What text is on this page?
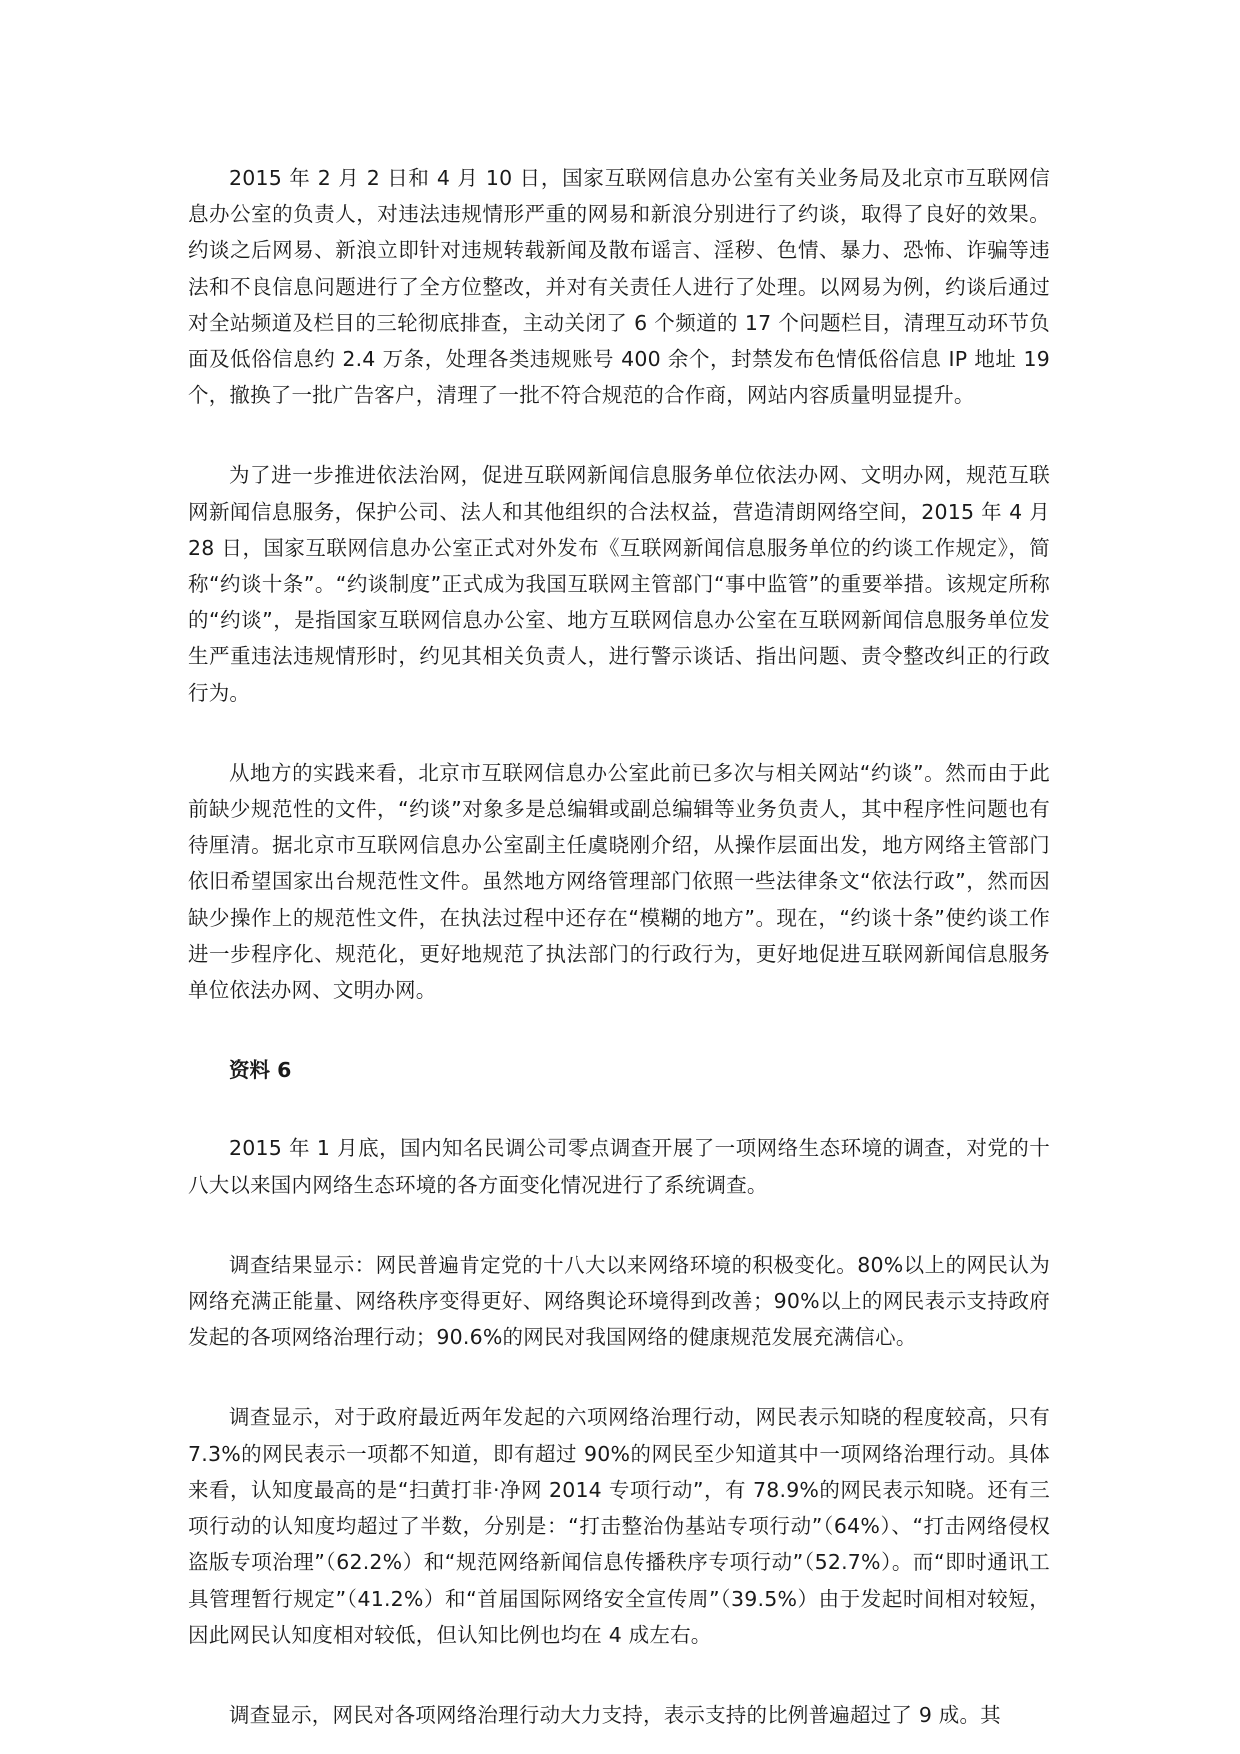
2015 年 2 月 2 日和 4 月 10 日，国家互联网信息办公室有关业务局及北京市互联网信息办公室的负责人，对违法违规情形严重的网易和新浪分别进行了约谈，取得了良好的效果。约谈之后网易、新浪立即针对违规转载新闻及散布谣言、淫秽、色情、暴力、恐怖、诈骗等违法和不良信息问题进行了全方位整改，并对有关责任人进行了处理。以网易为例，约谈后通过对全站频道及栏目的三轮彻底排查，主动关闭了 6 个频道的 17 个问题栏目，清理互动环节负面及低俗信息约 2.4 万条，处理各类违规账号 400 余个，封禁发布色情低俗信息 IP 地址 19 个，撤换了一批广告客户，清理了一批不符合规范的合作商，网站内容质量明显提升。

为了进一步推进依法治网，促进互联网新闻信息服务单位依法办网、文明办网，规范互联网新闻信息服务，保护公司、法人和其他组织的合法权益，营造清朗网络空间，2015 年 4 月 28 日，国家互联网信息办公室正式对外发布《互联网新闻信息服务单位的约谈工作规定》，简称“约谈十条”。“约谈制度”正式成为我国互联网主管部门“事中监管”的重要举措。该规定所称的“约谈”，是指国家互联网信息办公室、地方互联网信息办公室在互联网新闻信息服务单位发生严重违法违规情形时，约见其相关负责人，进行警示谈话、指出问题、责令整改纠正的行政行为。

从地方的实践来看，北京市互联网信息办公室此前已多次与相关网站“约谈”。然而由于此前缺少规范性的文件，“约谈”对象多是总编辑或副总编辑等业务负责人，其中程序性问题也有待厘清。据北京市互联网信息办公室副主任虞晓刚介绍，从操作层面出发，地方网络主管部门依旧希望国家出台规范性文件。虽然地方网络管理部门依照一些法律条文“依法行政”，然而因缺少操作上的规范性文件，在执法过程中还存在“模糊的地方”。现在，“约谈十条”使约谈工作进一步程序化、规范化，更好地规范了执法部门的行政行为，更好地促进互联网新闻信息服务单位依法办网、文明办网。

资料 6

2015 年 1 月底，国内知名民调公司零点调查开展了一项网络生态环境的调查，对党的十八大以来国内网络生态环境的各方面变化情况进行了系统调查。

调查结果显示：网民普遍肯定党的十八大以来网络环境的积极变化。80%以上的网民认为网络充满正能量、网络秩序变得更好、网络舆论环境得到改善；90%以上的网民表示支持政府发起的各项网络治理行动；90.6%的网民对我国网络的健康规范发展充满信心。

调查显示，对于政府最近两年发起的六项网络治理行动，网民表示知晓的程度较高，只有 7.3%的网民表示一项都不知道，即有超过 90%的网民至少知道其中一项网络治理行动。具体来看，认知度最高的是“扫黄打非·净网 2014 专项行动”，有 78.9%的网民表示知晓。还有三项行动的认知度均超过了半数，分别是：“打击整治伪基站专项行动”（64%）、“打击网络侵权盗版专项治理”（62.2%）和“规范网络新闻信息传播秩序专项行动”（52.7%）。而“即时通讯工具管理暂行规定”（41.2%）和“首届国际网络安全宣传周”（39.5%）由于发起时间相对较短，因此网民认知度相对较低，但认知比例也均在 4 成左右。

调查显示，网民对各项网络治理行动大力支持，表示支持的比例普遍超过了 9 成。其
